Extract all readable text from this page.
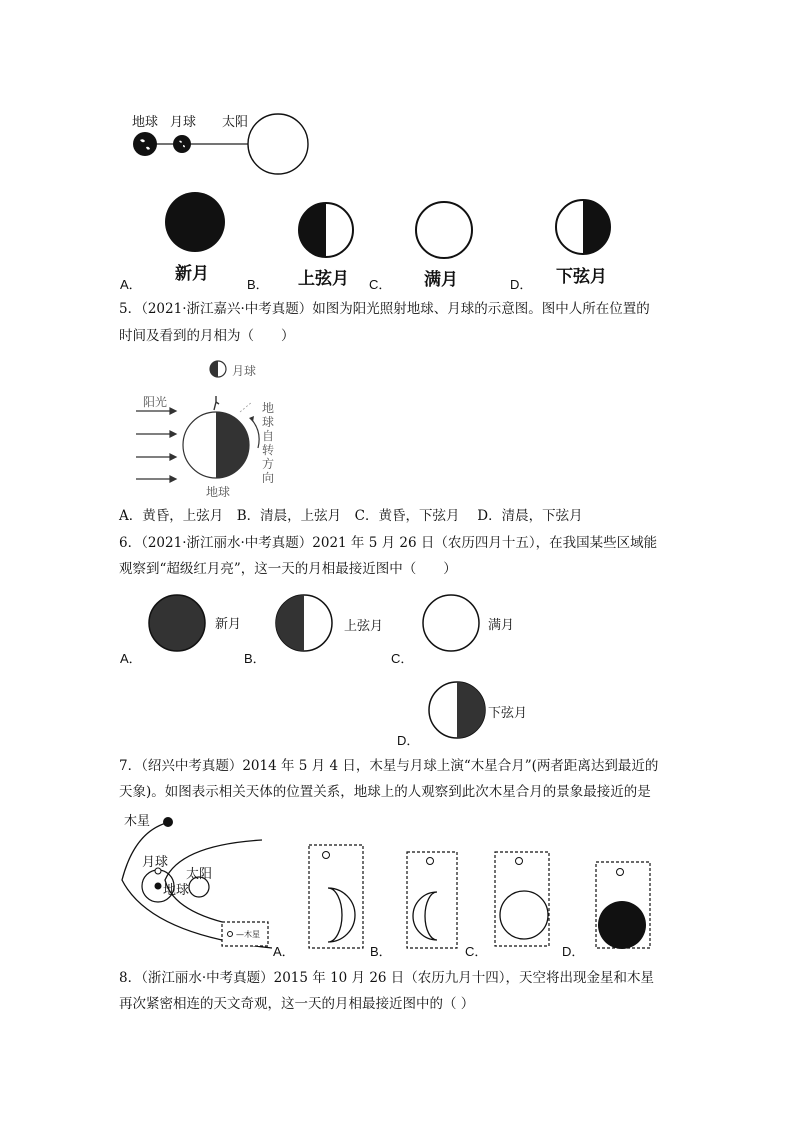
地球 月球 太阳
A．
新月
B． 上弦月 C． 满月	D． 下弦月
5．（2021·浙江嘉兴·中考真题）如图为阳光照射地球、月球的示意图。图中人所在位置的
时间及看到的月相为（　　）
月球
阳光
地球
地球自转方向
A．黄昏，上弦月　B．清晨，上弦月　C．黄昏，下弦月　 D．清晨，下弦月
6．（2021·浙江丽水·中考真题）2021 年 5 月 26 日（农历四月十五），在我国某些区域能
观察到“超级红月亮”，这一天的月相最接近图中（　　）
A．
新月
B．
上弦月
C．
满月
D．
下弦月
7．（绍兴中考真题）2014 年 5 月 4 日，木星与月球上演“木星合月”(两者距离达到最近的
天象)。如图表示相关天体的位置关系，地球上的人观察到此次木星合月的景象最接近的是
木星
月球
太阳
地球
—木星
A．	B．	C．	D．
8．（浙江丽水·中考真题）2015 年 10 月 26 日（农历九月十四），天空将出现金星和木星
再次紧密相连的天文奇观，这一天的月相最接近图中的（ ）
